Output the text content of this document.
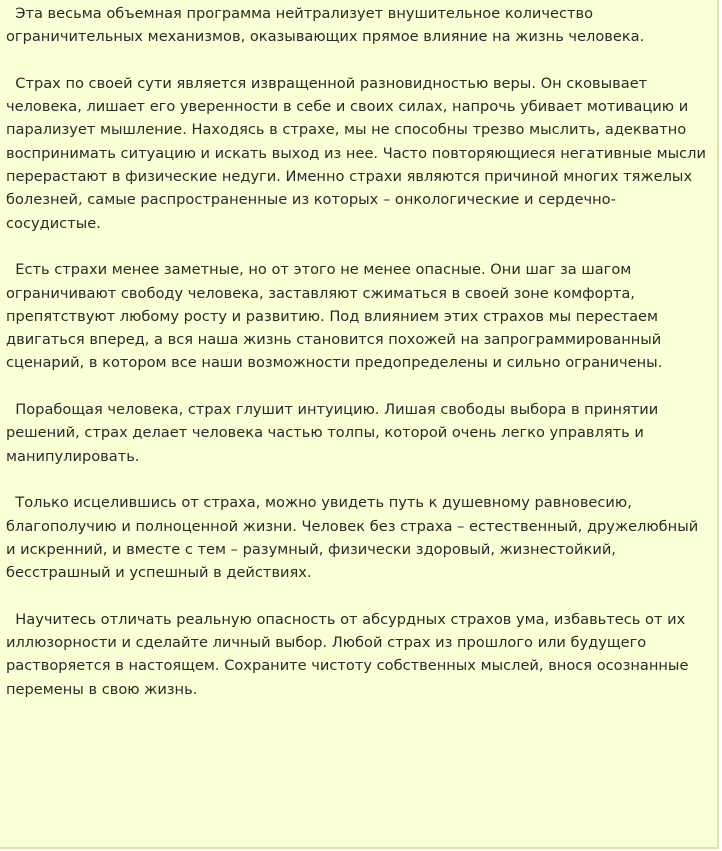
Эта весьма объемная программа нейтрализует внушительное количество ограничительных механизмов, оказывающих прямое влияние на жизнь человека.

Страх по своей сути является извращенной разновидностью веры. Он сковывает человека, лишает его уверенности в себе и своих силах, напрочь убивает мотивацию и парализует мышление. Находясь в страхе, мы не способны трезво мыслить, адекватно воспринимать ситуацию и искать выход из нее. Часто повторяющиеся негативные мысли перерастают в физические недуги. Именно страхи являются причиной многих тяжелых болезней, самые распространенные из которых – онкологические и сердечно-сосудистые.

Есть страхи менее заметные, но от этого не менее опасные. Они шаг за шагом ограничивают свободу человека, заставляют сжиматься в своей зоне комфорта, препятствуют любому росту и развитию. Под влиянием этих страхов мы перестаем двигаться вперед, а вся наша жизнь становится похожей на запрограммированный сценарий, в котором все наши возможности предопределены и сильно ограничены.

Порабощая человека, страх глушит интуицию. Лишая свободы выбора в принятии решений, страх делает человека частью толпы, которой очень легко управлять и манипулировать.

Только исцелившись от страха, можно увидеть путь к душевному равновесию, благополучию и полноценной жизни. Человек без страха – естественный, дружелюбный и искренний, и вместе с тем – разумный, физически здоровый, жизнестойкий, бесстрашный и успешный в действиях.

Научитесь отличать реальную опасность от абсурдных страхов ума, избавьтесь от их иллюзорности и сделайте личный выбор. Любой страх из прошлого или будущего растворяется в настоящем. Сохраните чистоту собственных мыслей, внося осознанные перемены в свою жизнь.
